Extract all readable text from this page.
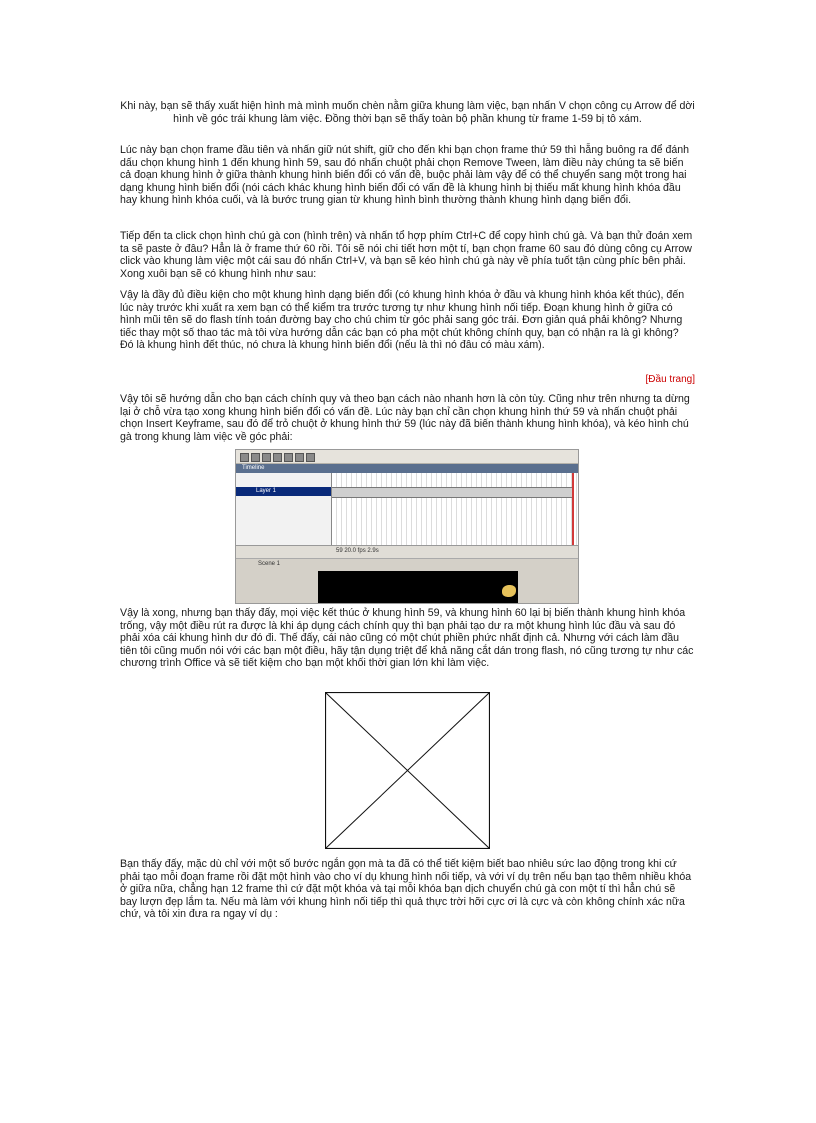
Khi này, bạn sẽ thấy xuất hiện hình mà mình muốn chèn nằm giữa khung làm việc, bạn nhấn V chọn công cụ Arrow để dời hình về góc trái khung làm việc. Đồng thời bạn sẽ thấy toàn bộ phần khung từ frame 1-59 bị tô xám.

Lúc này bạn chọn frame đầu tiên và nhấn giữ nút shift, giữ cho đến khi bạn chọn frame thứ 59 thì hẵng buông ra để đánh dấu chọn khung hình 1 đến khung hình 59, sau đó nhấn chuột phải chọn Remove Tween, làm điều này chúng ta sẽ biến cả đoạn khung hình ở giữa thành khung hình biến đổi có vấn đề, buộc phải làm vậy để có thể chuyển sang một trong hai dạng khung hình biến đổi (nói cách khác khung hình biến đổi có vấn đề là khung hình bị thiếu mất khung hình khóa đầu hay khung hình khóa cuối, và là bước trung gian từ khung hình bình thường thành khung hình dạng biến đổi.

Tiếp đến ta click chọn hình chú gà con (hình trên) và nhấn tổ hợp phím Ctrl+C để copy hình chú gà. Và bạn thử đoán xem ta sẽ paste ở đâu? Hẳn là ở frame thứ 60 rồi. Tôi sẽ nói chi tiết hơn một tí, bạn chọn frame 60 sau đó dùng công cụ Arrow click vào khung làm việc một cái sau đó nhấn Ctrl+V, và bạn sẽ kéo hình chú gà này về phía tuốt tận cùng phíc bên phải. Xong xuôi bạn sẽ có khung hình như sau:

Vậy là đầy đủ điều kiện cho một khung hình dạng biến đổi (có khung hình khóa ở đầu và khung hình khóa kết thúc), đến lúc này trước khi xuất ra xem bạn có thể kiểm tra trước tương tự như khung hình nối tiếp. Đoạn khung hình ở giữa có hình mũi tên sẽ do flash tính toán đường bay cho chú chim từ góc phải sang góc trái. Đơn giản quá phải không? Nhưng tiếc thay một số thao tác mà tôi vừa hướng dẫn các bạn có pha một chút không chính quy, bạn có nhận ra là gì không? Đó là khung hình đết thúc, nó chưa là khung hình biến đổi (nếu là thì nó đâu có màu xám).

[Đầu trang]

Vậy tôi sẽ hướng dẫn cho bạn cách chính quy và theo bạn cách nào nhanh hơn là còn tùy. Cũng như trên nhưng ta dừng lại ở chỗ vừa tạo xong khung hình biến đổi có vấn đề. Lúc này bạn chỉ cần chọn khung hình thứ 59 và nhấn chuột phải chọn Insert Keyframe, sau đó để trỏ chuột ở khung hình thứ 59 (lúc này đã biến thành khung hình khóa), và kéo hình chú gà trong khung làm việc về góc phải:

Timeline
Layer 1
59 20.0 fps 2.9s
Scene 1

Vậy là xong, nhưng bạn thấy đấy, mọi việc kết thúc ở khung hình 59, và khung hình 60 lại bị biến thành khung hình khóa trống, vậy một điều rút ra được là khi áp dụng cách chính quy thì bạn phải tạo dư ra một khung hình lúc đầu và sau đó phải xóa cái khung hình dư đó đi. Thế đấy, cái nào cũng có một chút phiền phức nhất định cả. Nhưng với cách làm đầu tiên tôi cũng muốn nói với các bạn một điều, hãy tận dụng triệt để khả năng cắt dán trong flash, nó cũng tương tự như các chương trình Office và sẽ tiết kiệm cho bạn một khối thời gian lớn khi làm việc.

Bạn thấy đấy, mặc dù chỉ với một số bước ngắn gọn mà ta đã có thể tiết kiệm biết bao nhiêu sức lao động trong khi cứ phải tạo mỗi đoạn frame rồi đặt một hình vào cho ví dụ khung hình nối tiếp, và với ví dụ trên nếu bạn tạo thêm nhiều khóa ở giữa nữa, chẳng hạn 12 frame thì cứ đặt một khóa và tại mỗi khóa bạn dịch chuyển chú gà con một tí thì hẳn chú sẽ bay lượn đẹp lắm ta. Nếu mà làm với khung hình nối tiếp thì quả thực trời hỡi cực ơi là cực và còn không chính xác nữa chứ, và tôi xin đưa ra ngay ví dụ :
